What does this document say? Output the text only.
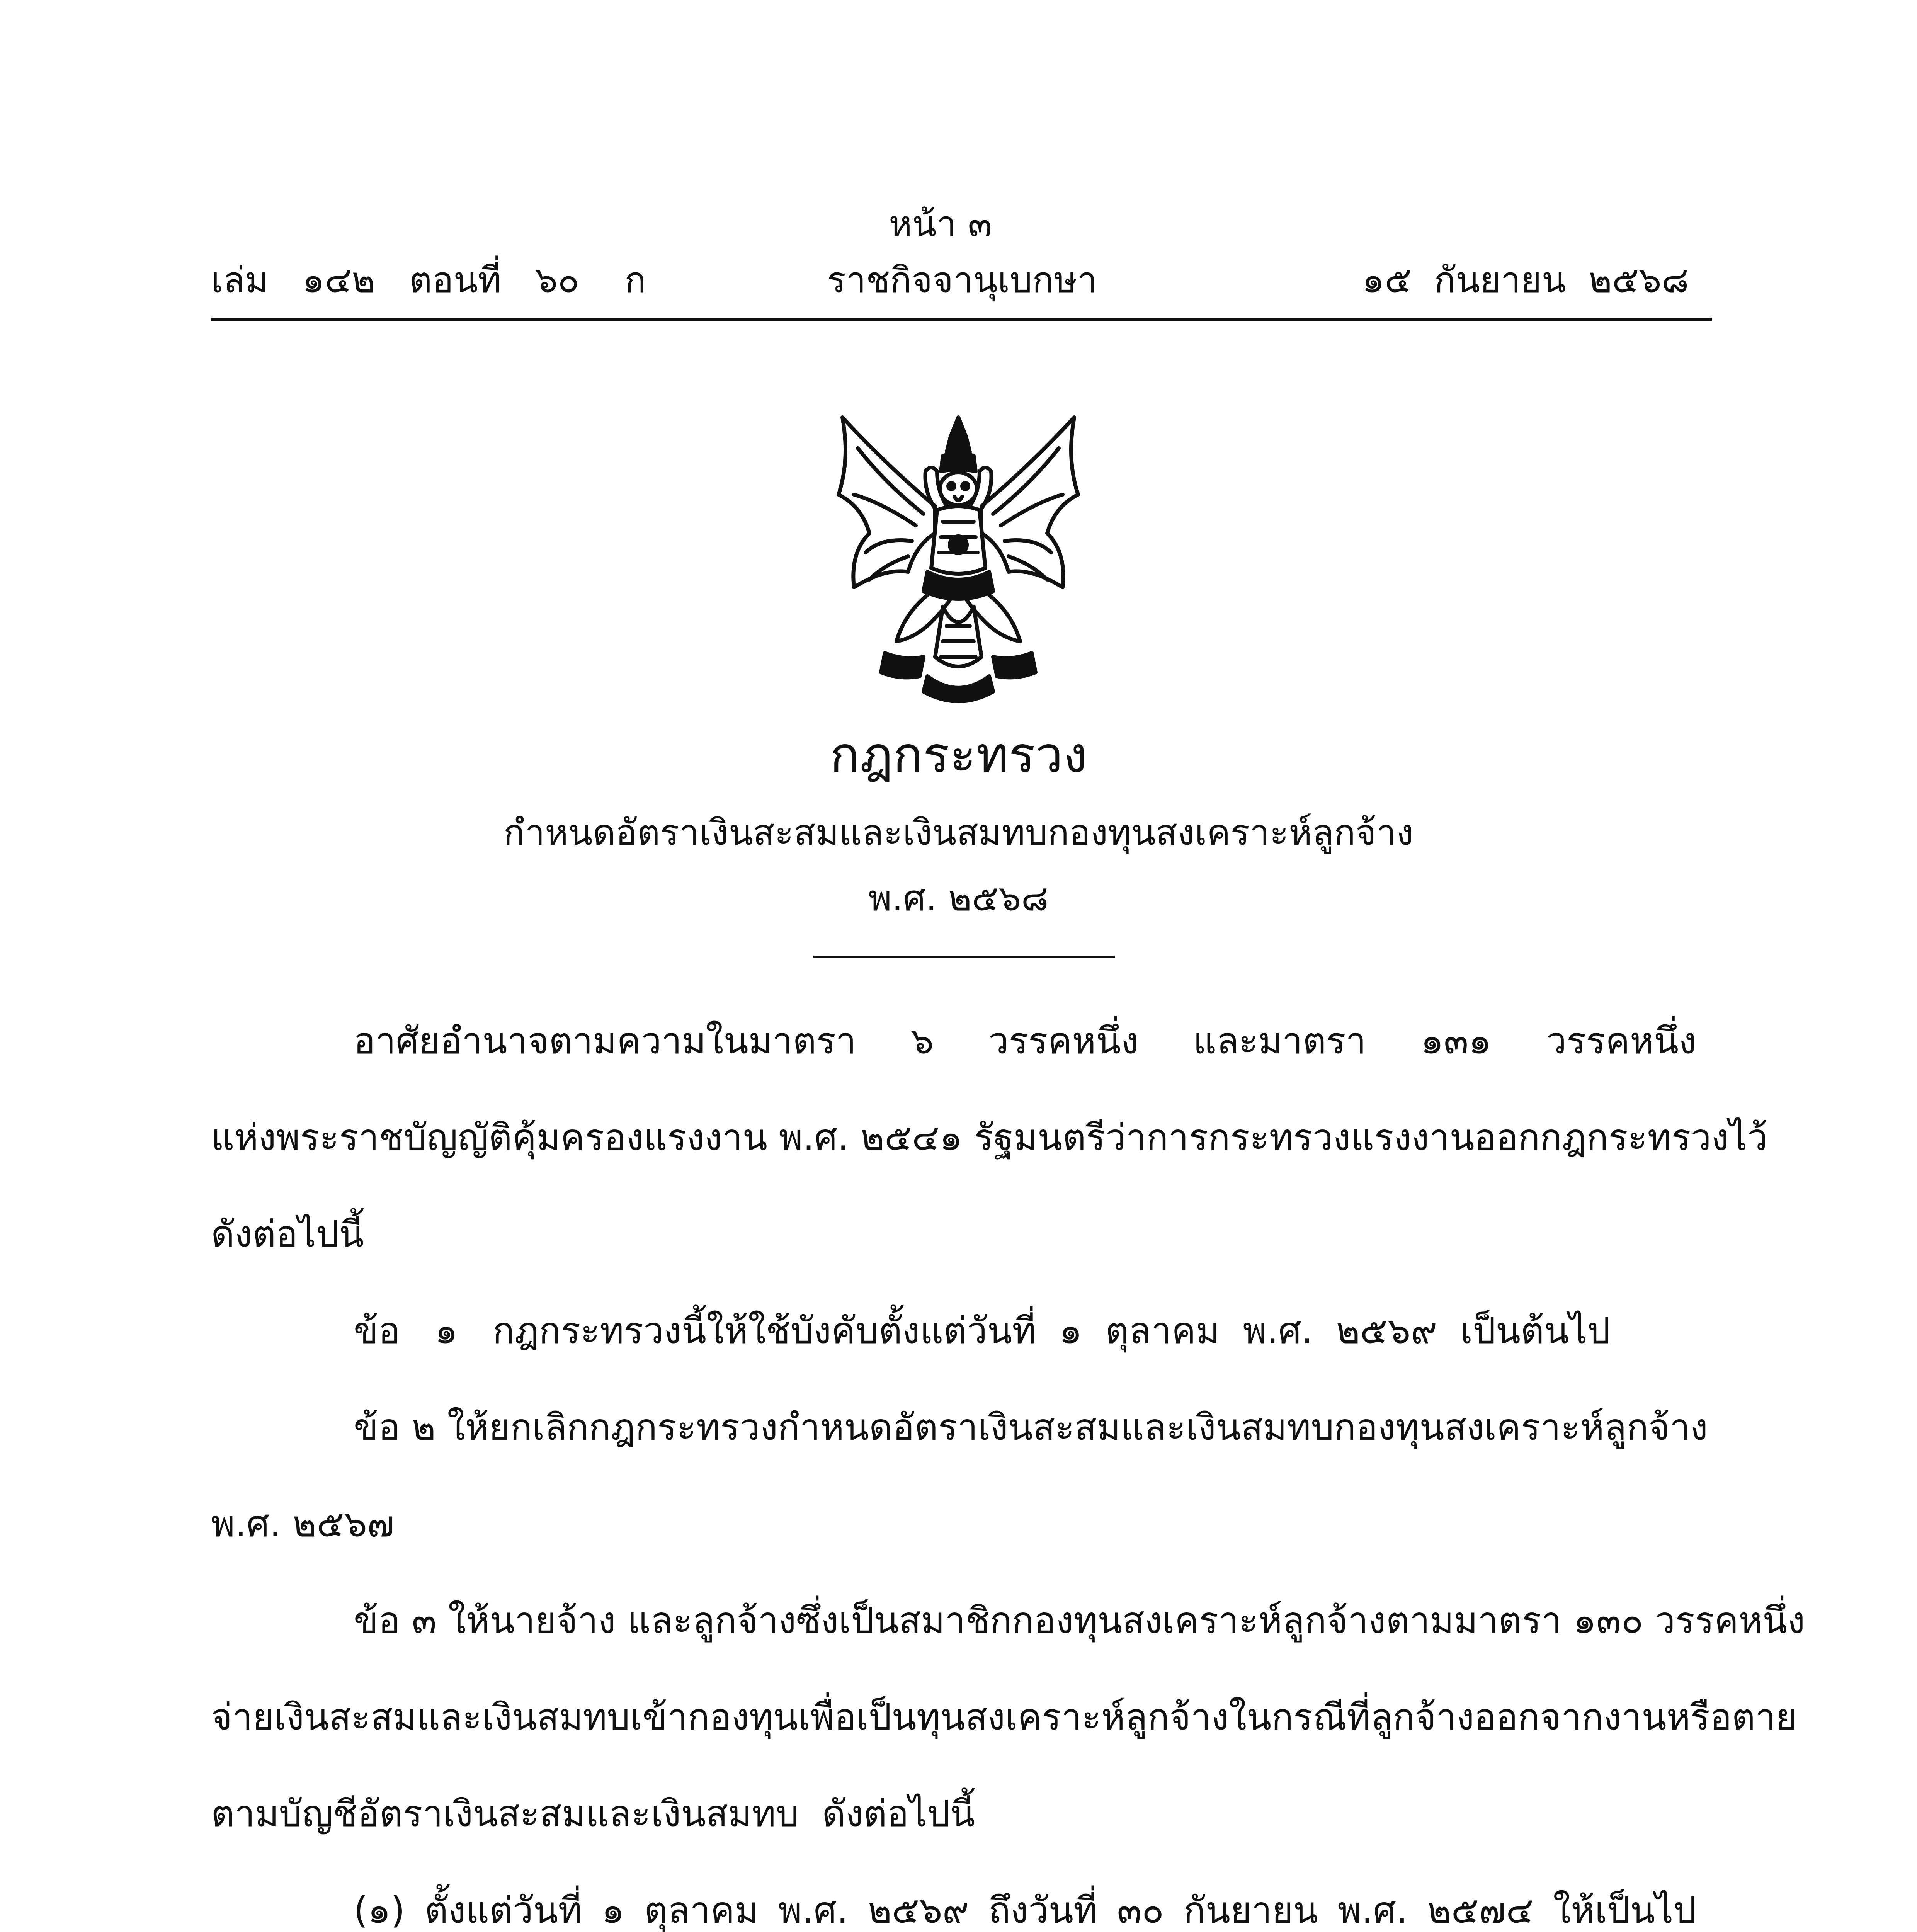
หน้า ๓
เล่ม   ๑๔๒   ตอนที่   ๖๐    ก	ราชกิจจานุเบกษา	๑๕  กันยายน  ๒๕๖๘
กฎกระทรวง
กำหนดอัตราเงินสะสมและเงินสมทบกองทุนสงเคราะห์ลูกจ้าง
พ.ศ. ๒๕๖๘
อาศัยอำนาจตามความในมาตรา ๖ วรรคหนึ่ง และมาตรา ๑๓๑ วรรคหนึ่ง
แห่งพระราชบัญญัติคุ้มครองแรงงาน พ.ศ. ๒๕๔๑ รัฐมนตรีว่าการกระทรวงแรงงานออกกฎกระทรวงไว้
ดังต่อไปนี้
ข้อ   ๑   กฎกระทรวงนี้ให้ใช้บังคับตั้งแต่วันที่  ๑  ตุลาคม  พ.ศ.  ๒๕๖๙  เป็นต้นไป
ข้อ ๒ ให้ยกเลิกกฎกระทรวงกำหนดอัตราเงินสะสมและเงินสมทบกองทุนสงเคราะห์ลูกจ้าง
พ.ศ. ๒๕๖๗
ข้อ ๓ ให้นายจ้าง และลูกจ้างซึ่งเป็นสมาชิกกองทุนสงเคราะห์ลูกจ้างตามมาตรา ๑๓๐ วรรคหนึ่ง
จ่ายเงินสะสมและเงินสมทบเข้ากองทุนเพื่อเป็นทุนสงเคราะห์ลูกจ้างในกรณีที่ลูกจ้างออกจากงานหรือตาย
ตามบัญชีอัตราเงินสะสมและเงินสมทบ  ดังต่อไปนี้
(๑) ตั้งแต่วันที่ ๑ ตุลาคม พ.ศ. ๒๕๖๙ ถึงวันที่ ๓๐ กันยายน พ.ศ. ๒๕๗๔ ให้เป็นไป
